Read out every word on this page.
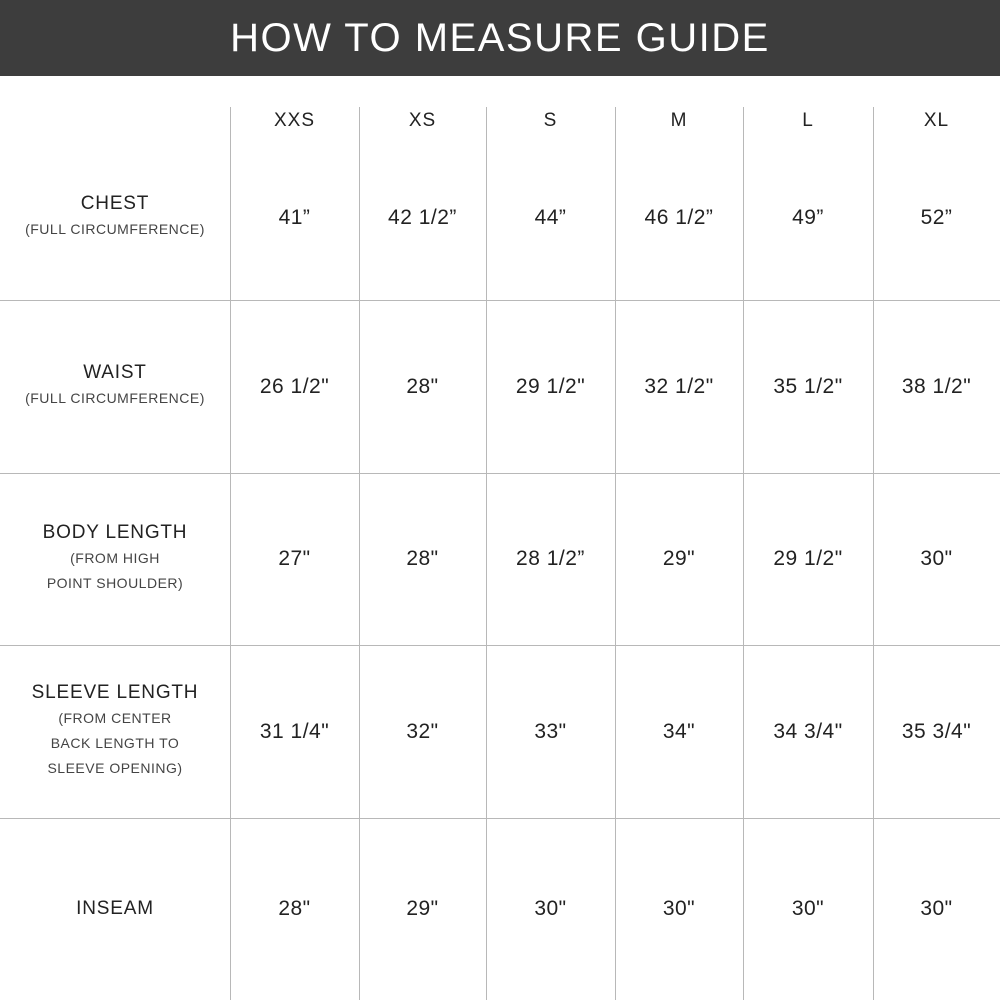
HOW TO MEASURE GUIDE
XXS	XS	S	M	L	XL
CHEST
(FULL CIRCUMFERENCE)
41”	42 1/2”	44”	46 1/2”	49”	52”
WAIST
(FULL CIRCUMFERENCE)
26 1/2"	28"	29 1/2"	32 1/2"	35 1/2"	38 1/2"
BODY LENGTH
(FROM HIGH
POINT SHOULDER)
27"	28"	28 1/2”	29"	29 1/2"	30"
SLEEVE LENGTH
(FROM CENTER
BACK LENGTH TO
SLEEVE OPENING)
31 1/4"	32"	33"	34"	34 3/4"	35 3/4"
INSEAM	28"	29"	30"	30"	30"	30"
